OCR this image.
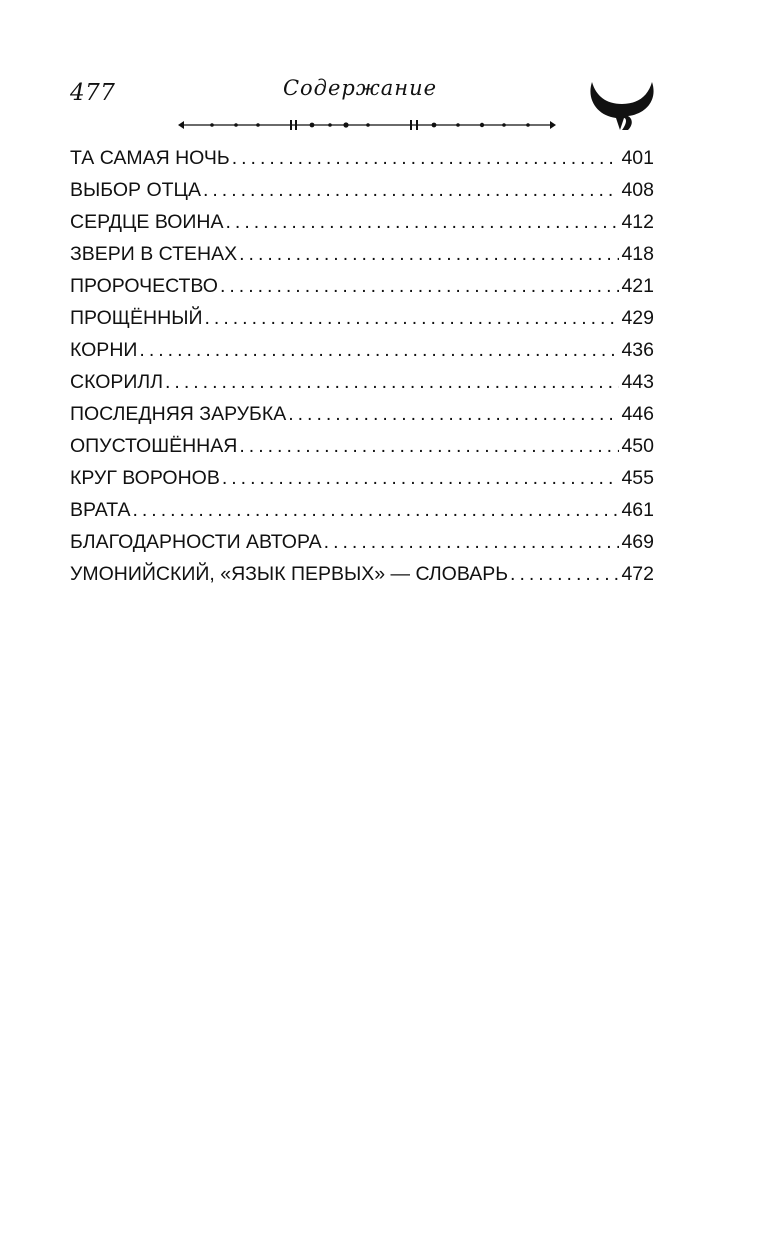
477	Содержание
ТА САМАЯ НОЧЬ .....	401
ВЫБОР ОТЦА .....	408
СЕРДЦЕ ВОИНА .....	412
ЗВЕРИ В СТЕНАХ .....	418
ПРОРОЧЕСТВО .....	421
ПРОЩЁННЫЙ .....	429
КОРНИ .....	436
СКОРИЛЛ .....	443
ПОСЛЕДНЯЯ ЗАРУБКА .....	446
ОПУСТОШЁННАЯ .....	450
КРУГ ВОРОНОВ .....	455
ВРАТА .....	461
БЛАГОДАРНОСТИ АВТОРА .....	469
УМОНИЙСКИЙ, «ЯЗЫК ПЕРВЫХ» — СЛОВАРЬ .....	472
